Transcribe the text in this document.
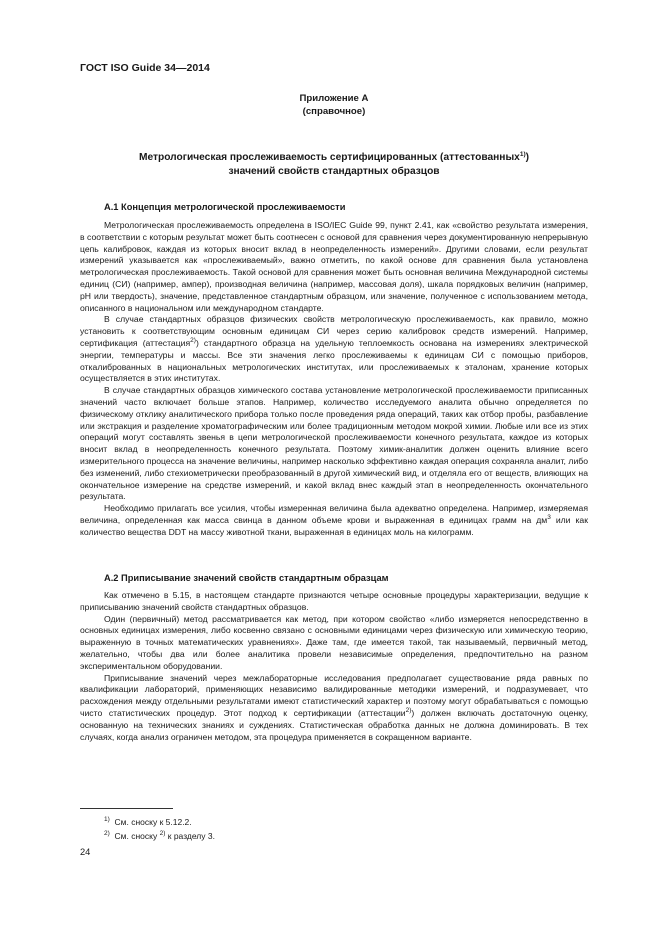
ГОСТ ISO Guide 34—2014
Приложение А
(справочное)
Метрологическая прослеживаемость сертифицированных (аттестованных$^{1)}$)
значений свойств стандартных образцов
А.1 Концепция метрологической прослеживаемости

Метрологическая прослеживаемость определена в ISO/IEC Guide 99, пункт 2.41, как «свойство результата измерения, в соответствии с которым результат может быть соотнесен с основой для сравнения через документированную непрерывную цепь калибровок, каждая из которых вносит вклад в неопределенность измерений». Другими словами, если результат измерений указывается как «прослеживаемый», важно отметить, по какой основе для сравнения была установлена метрологическая прослеживаемость. Такой основой для сравнения может быть основная величина Международной системы единиц (СИ) (например, ампер), производная величина (например, массовая доля), шкала порядковых величин (например, pH или твердость), значение, представленное стандартным образцом, или значение, полученное с использованием метода, описанного в национальном или международном стандарте.

В случае стандартных образцов физических свойств метрологическую прослеживаемость, как правило, можно установить к соответствующим основным единицам СИ через серию калибровок средств измерений. Например, сертификация (аттестация$^{2)}$) стандартного образца на удельную теплоемкость основана на измерениях электрической энергии, температуры и массы. Все эти значения легко прослеживаемы к единицам СИ с помощью приборов, откалиброванных в национальных метрологических институтах, или прослеживаемых к эталонам, хранение которых осуществляется в этих институтах.

В случае стандартных образцов химического состава установление метрологической прослеживаемости приписанных значений часто включает больше этапов. Например, количество исследуемого аналита обычно определяется по физическому отклику аналитического прибора только после проведения ряда операций, таких как отбор пробы, разбавление или экстракция и разделение хроматографическим или более традиционным методом мокрой химии. Любые или все из этих операций могут составлять звенья в цепи метрологической прослеживаемости конечного результата, каждое из которых вносит вклад в неопределенность конечного результата. Поэтому химик-аналитик должен оценить влияние всего измерительного процесса на значение величины, например насколько эффективно каждая операция сохраняла аналит, либо без изменений, либо стехиометрически преобразованный в другой химический вид, и отделяла его от веществ, влияющих на окончательное измерение на средстве измерений, и какой вклад внес каждый этап в неопределенность окончательного результата.

Необходимо прилагать все усилия, чтобы измеренная величина была адекватно определена. Например, измеряемая величина, определенная как масса свинца в данном объеме крови и выраженная в единицах грамм на $дм^3$ или как количество вещества DDT на массу животной ткани, выраженная в единицах моль на килограмм.

А.2 Приписывание значений свойств стандартным образцам

Как отмечено в 5.15, в настоящем стандарте признаются четыре основные процедуры характеризации, ведущие к приписыванию значений свойств стандартных образцов.

Один (первичный) метод рассматривается как метод, при котором свойство «либо измеряется непосредственно в основных единицах измерения, либо косвенно связано с основными единицами через физическую или химическую теорию, выраженную в точных математических уравнениях». Даже там, где имеется такой, так называемый, первичный метод, желательно, чтобы два или более аналитика провели независимые определения, предпочтительно на разном экспериментальном оборудовании.

Приписывание значений через межлабораторные исследования предполагает существование ряда равных по квалификации лабораторий, применяющих независимо валидированные методики измерений, и подразумевает, что расхождения между отдельными результатами имеют статистический характер и поэтому могут обрабатываться с помощью чисто статистических процедур. Этот подход к сертификации (аттестации$^{2)}$) должен включать достаточную оценку, основанную на технических знаниях и суждениях. Статистическая обработка данных не должна доминировать. В тех случаях, когда анализ ограничен методом, эта процедура применяется в сокращенном варианте.

$^{1)}$ См. сноску к 5.12.2.
$^{2)}$ См. сноску $^{2)}$ к разделу 3.
24
